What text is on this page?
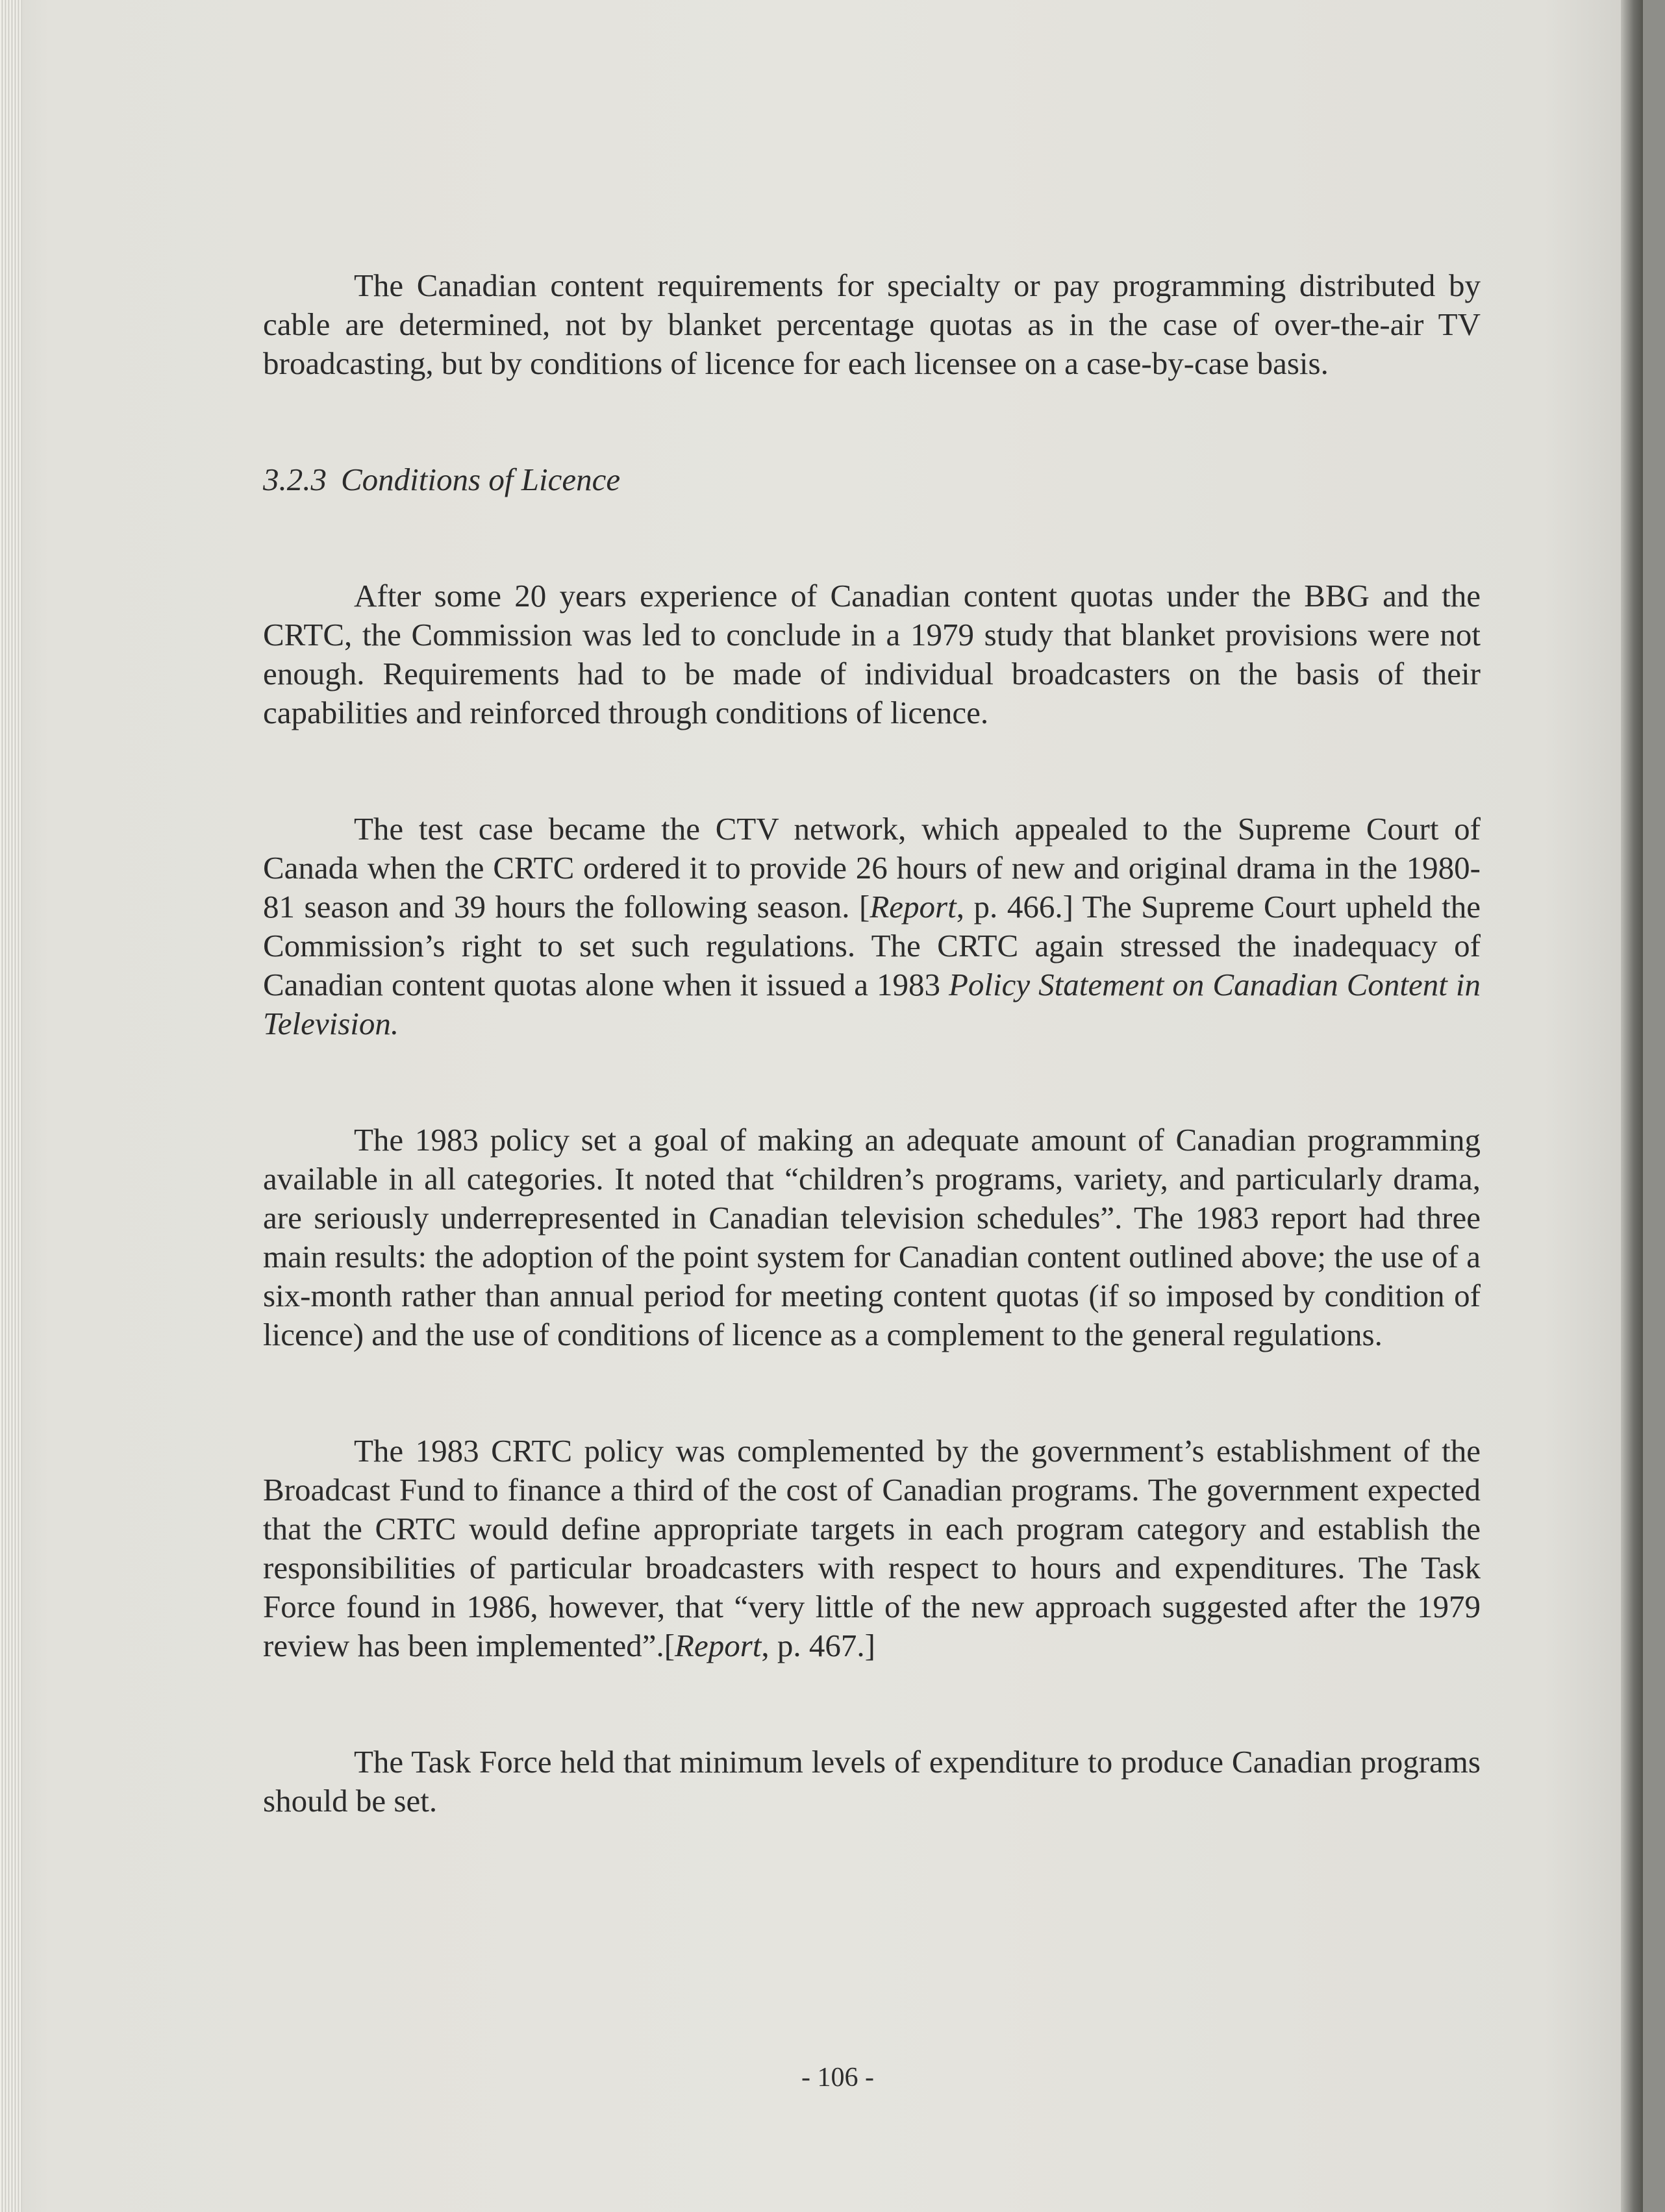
The Canadian content requirements for specialty or pay programming distributed by cable are determined, not by blanket percentage quotas as in the case of over-the-air TV broadcasting, but by conditions of licence for each licensee on a case-by-case basis.

3.2.3 Conditions of Licence

After some 20 years experience of Canadian content quotas under the BBG and the CRTC, the Commission was led to conclude in a 1979 study that blanket provisions were not enough. Requirements had to be made of individual broadcasters on the basis of their capabilities and reinforced through conditions of licence.

The test case became the CTV network, which appealed to the Supreme Court of Canada when the CRTC ordered it to provide 26 hours of new and original drama in the 1980-81 season and 39 hours the following season. [Report, p. 466.] The Supreme Court upheld the Commission’s right to set such regulations. The CRTC again stressed the inadequacy of Canadian content quotas alone when it issued a 1983 Policy Statement on Canadian Content in Television.

The 1983 policy set a goal of making an adequate amount of Canadian programming available in all categories. It noted that “children’s programs, variety, and particularly drama, are seriously underrepresented in Canadian television schedules”. The 1983 report had three main results: the adoption of the point system for Canadian content outlined above; the use of a six-month rather than annual period for meeting content quotas (if so imposed by condition of licence) and the use of conditions of licence as a complement to the general regulations.

The 1983 CRTC policy was complemented by the government’s establishment of the Broadcast Fund to finance a third of the cost of Canadian programs. The government expected that the CRTC would define appropriate targets in each program category and establish the responsibilities of particular broadcasters with respect to hours and expenditures. The Task Force found in 1986, however, that “very little of the new approach suggested after the 1979 review has been implemented”.[Report, p. 467.]

The Task Force held that minimum levels of expenditure to produce Canadian programs should be set.

- 106 -
